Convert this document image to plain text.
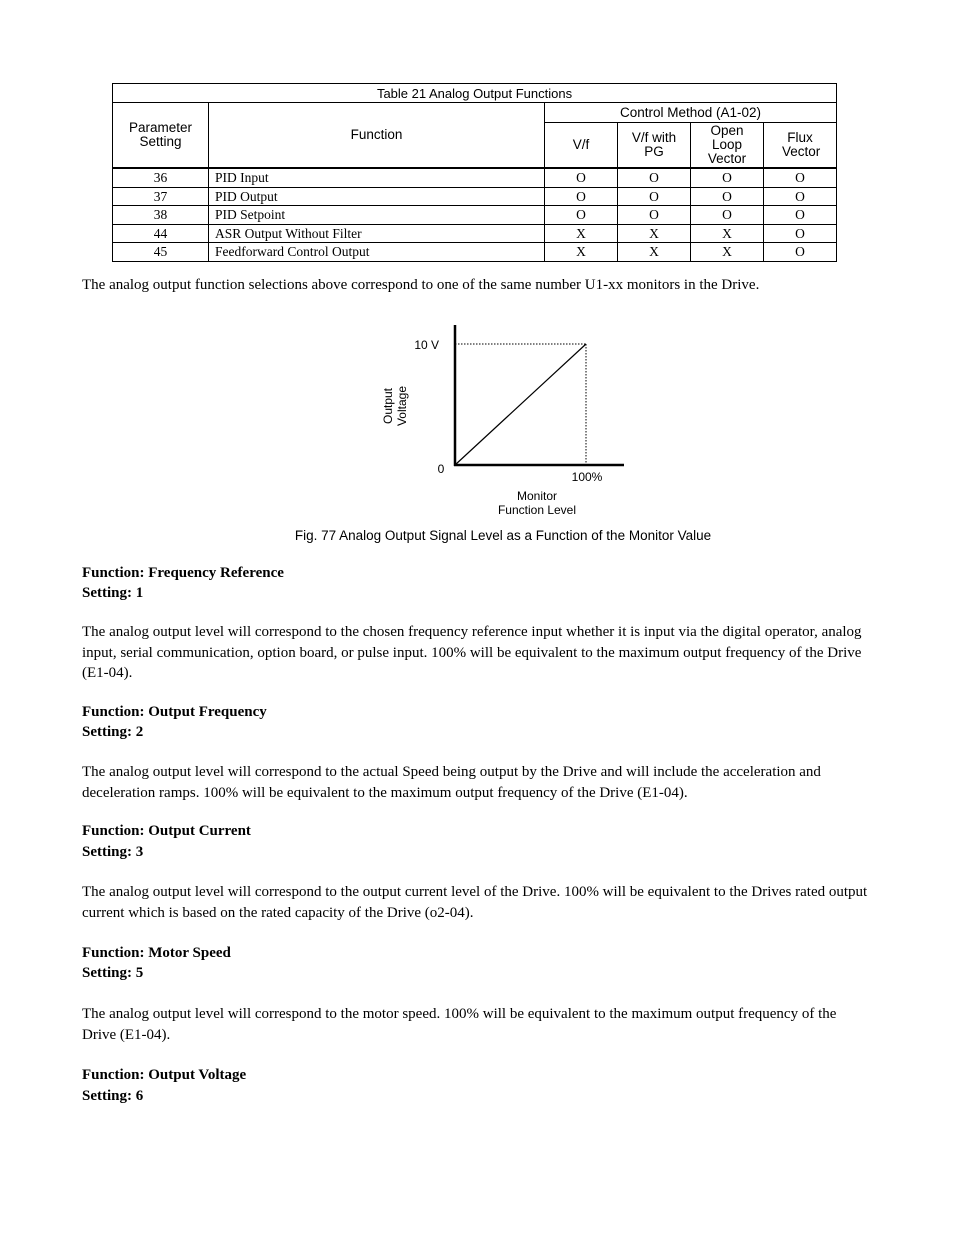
Table 21 Analog Output Functions					
Parameter Setting	Function	Control Method (A1-02)			
		V/f	V/f with PG	Open Loop Vector	Flux Vector
36	PID Input	O	O	O	O
37	PID Output	O	O	O	O
38	PID Setpoint	O	O	O	O
44	ASR Output Without Filter	X	X	X	O
45	Feedforward Control Output	X	X	X	O
The analog output function selections above correspond to one of the same number U1-xx monitors in the Drive.
10 V
0
100%
Output Voltage
Monitor
Function Level
Fig. 77 Analog Output Signal Level as a Function of the Monitor Value
Function: Frequency Reference
Setting: 1
The analog output level will correspond to the chosen frequency reference input whether it is input via the digital operator, analog input, serial communication, option board, or pulse input. 100% will be equivalent to the maximum output frequency of the Drive (E1-04).
Function: Output Frequency
Setting: 2
The analog output level will correspond to the actual Speed being output by the Drive and will include the acceleration and deceleration ramps. 100% will be equivalent to the maximum output frequency of the Drive (E1-04).
Function: Output Current
Setting: 3
The analog output level will correspond to the output current level of the Drive. 100% will be equivalent to the Drives rated output current which is based on the rated capacity of the Drive (o2-04).
Function: Motor Speed
Setting: 5
The analog output level will correspond to the motor speed. 100% will be equivalent to the maximum output frequency of the Drive (E1-04).
Function: Output Voltage
Setting: 6
